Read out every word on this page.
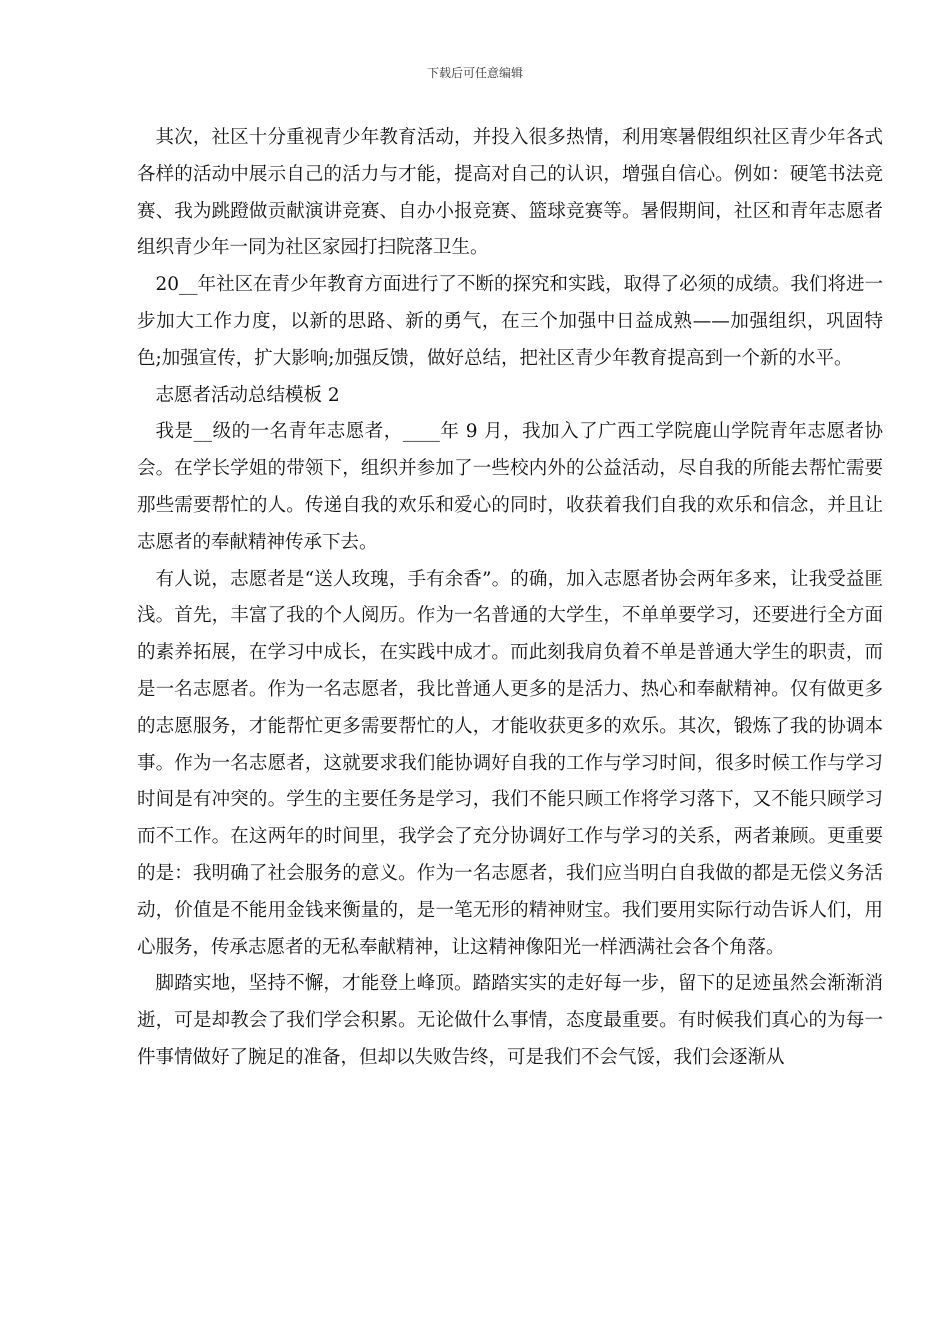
下载后可任意编辑

其次，社区十分重视青少年教育活动，并投入很多热情，利用寒暑假组织社区青少年各式各样的活动中展示自己的活力与才能，提高对自己的认识，增强自信心。例如：硬笔书法竞赛、我为跳蹬做贡献演讲竞赛、自办小报竞赛、篮球竞赛等。暑假期间，社区和青年志愿者组织青少年一同为社区家园打扫院落卫生。

20__年社区在青少年教育方面进行了不断的探究和实践，取得了必须的成绩。我们将进一步加大工作力度，以新的思路、新的勇气，在三个加强中日益成熟——加强组织，巩固特色;加强宣传，扩大影响;加强反馈，做好总结，把社区青少年教育提高到一个新的水平。

志愿者活动总结模板 2

我是__级的一名青年志愿者，____年 9 月，我加入了广西工学院鹿山学院青年志愿者协会。在学长学姐的带领下，组织并参加了一些校内外的公益活动，尽自我的所能去帮忙需要那些需要帮忙的人。传递自我的欢乐和爱心的同时，收获着我们自我的欢乐和信念，并且让志愿者的奉献精神传承下去。

有人说，志愿者是“送人玫瑰，手有余香”。的确，加入志愿者协会两年多来，让我受益匪浅。首先，丰富了我的个人阅历。作为一名普通的大学生，不单单要学习，还要进行全方面的素养拓展，在学习中成长，在实践中成才。而此刻我肩负着不单是普通大学生的职责，而是一名志愿者。作为一名志愿者，我比普通人更多的是活力、热心和奉献精神。仅有做更多的志愿服务，才能帮忙更多需要帮忙的人，才能收获更多的欢乐。其次，锻炼了我的协调本事。作为一名志愿者，这就要求我们能协调好自我的工作与学习时间，很多时候工作与学习时间是有冲突的。学生的主要任务是学习，我们不能只顾工作将学习落下，又不能只顾学习而不工作。在这两年的时间里，我学会了充分协调好工作与学习的关系，两者兼顾。更重要的是：我明确了社会服务的意义。作为一名志愿者，我们应当明白自我做的都是无偿义务活动，价值是不能用金钱来衡量的，是一笔无形的精神财宝。我们要用实际行动告诉人们，用心服务，传承志愿者的无私奉献精神，让这精神像阳光一样洒满社会各个角落。

脚踏实地，坚持不懈，才能登上峰顶。踏踏实实的走好每一步，留下的足迹虽然会渐渐消逝，可是却教会了我们学会积累。无论做什么事情，态度最重要。有时候我们真心的为每一件事情做好了腕足的准备，但却以失败告终，可是我们不会气馁，我们会逐渐从
